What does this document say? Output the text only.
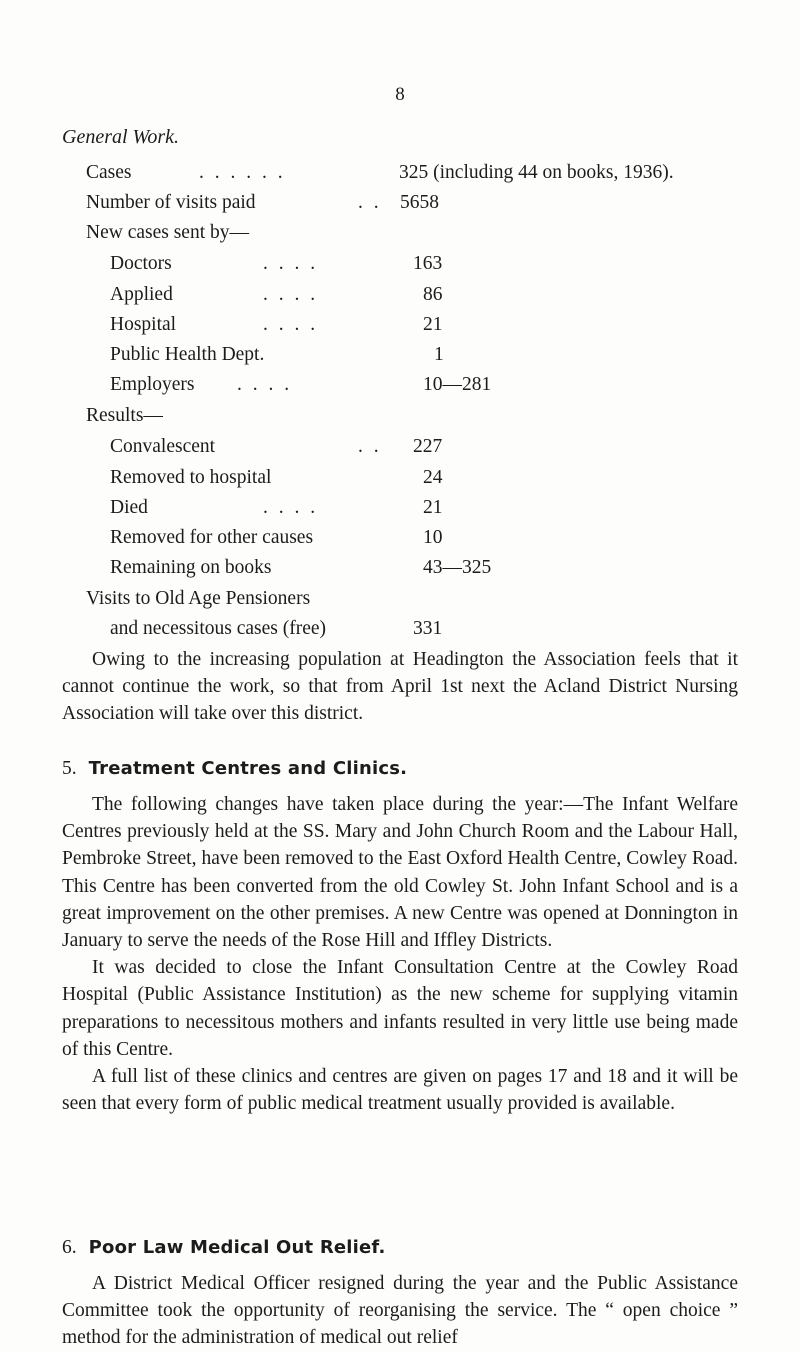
8
General Work.
Cases	. . . . . .	325 (including 44 on books, 1936).
Number of visits paid	. . 5658
New cases sent by—
Doctors	. . . .	163
Applied	. . . .	86
Hospital	. . . .	21
Public Health Dept.	1
Employers . . . .	10—281
Results—
Convalescent	. . 227
Removed to hospital	24
Died	. . . .	21
Removed for other causes	10
Remaining on books	43—325
Visits to Old Age Pensioners
and necessitous cases (free)	331

Owing to the increasing population at Headington the Association feels that it cannot continue the work, so that from April 1st next the Acland District Nursing Association will take over this district.

5. Treatment Centres and Clinics.

The following changes have taken place during the year:—The Infant Welfare Centres previously held at the SS. Mary and John Church Room and the Labour Hall, Pembroke Street, have been removed to the East Oxford Health Centre, Cowley Road. This Centre has been converted from the old Cowley St. John Infant School and is a great improvement on the other premises. A new Centre was opened at Donnington in January to serve the needs of the Rose Hill and Iffley Districts.

It was decided to close the Infant Consultation Centre at the Cowley Road Hospital (Public Assistance Institution) as the new scheme for supplying vitamin preparations to necessitous mothers and infants resulted in very little use being made of this Centre.

A full list of these clinics and centres are given on pages 17 and 18 and it will be seen that every form of public medical treatment usually provided is available.

6. Poor Law Medical Out Relief.

A District Medical Officer resigned during the year and the Public Assistance Committee took the opportunity of reorganising the service. The “ open choice ” method for the administration of medical out relief
